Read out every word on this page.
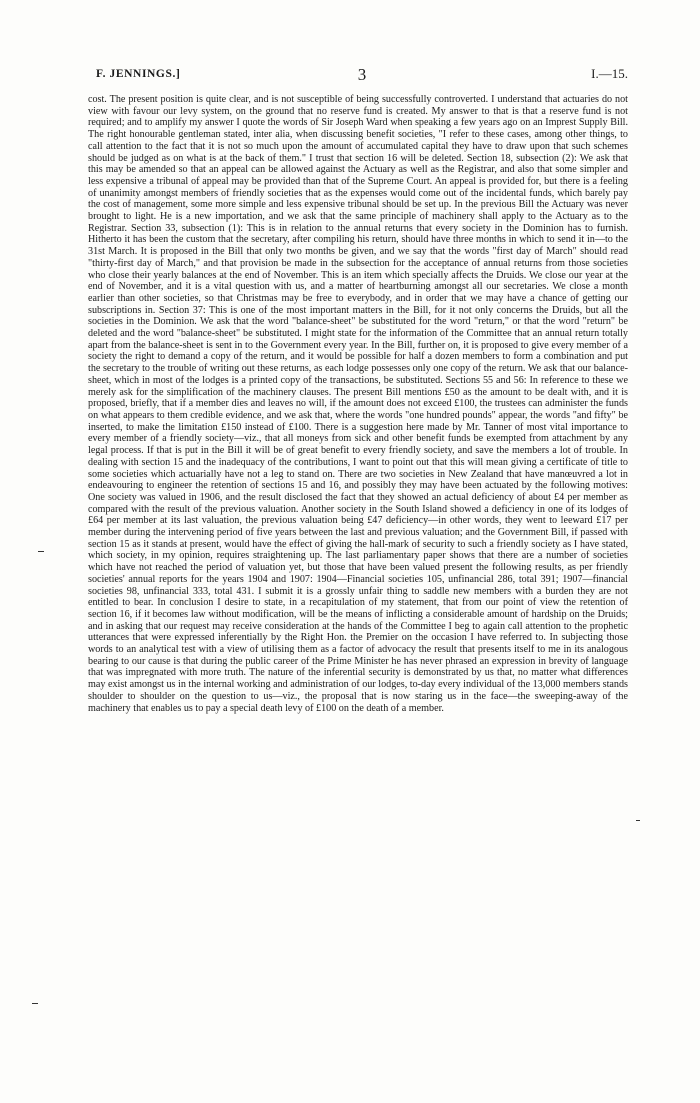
F. JENNINGS.]	3	I.—15.

cost. The present position is quite clear, and is not susceptible of being successfully controverted. I understand that actuaries do not view with favour our levy system, on the ground that no reserve fund is created. My answer to that is that a reserve fund is not required; and to amplify my answer I quote the words of Sir Joseph Ward when speaking a few years ago on an Imprest Supply Bill. The right honourable gentleman stated, inter alia, when discussing benefit societies, "I refer to these cases, among other things, to call attention to the fact that it is not so much upon the amount of accumulated capital they have to draw upon that such schemes should be judged as on what is at the back of them." I trust that section 16 will be deleted. Section 18, subsection (2): We ask that this may be amended so that an appeal can be allowed against the Actuary as well as the Registrar, and also that some simpler and less expensive a tribunal of appeal may be provided than that of the Supreme Court. An appeal is provided for, but there is a feeling of unanimity amongst members of friendly societies that as the expenses would come out of the incidental funds, which barely pay the cost of management, some more simple and less expensive tribunal should be set up. In the previous Bill the Actuary was never brought to light. He is a new importation, and we ask that the same principle of machinery shall apply to the Actuary as to the Registrar. Section 33, subsection (1): This is in relation to the annual returns that every society in the Dominion has to furnish. Hitherto it has been the custom that the secretary, after compiling his return, should have three months in which to send it in—to the 31st March. It is proposed in the Bill that only two months be given, and we say that the words "first day of March" should read "thirty-first day of March," and that provision be made in the subsection for the acceptance of annual returns from those societies who close their yearly balances at the end of November. This is an item which specially affects the Druids. We close our year at the end of November, and it is a vital question with us, and a matter of heartburning amongst all our secretaries. We close a month earlier than other societies, so that Christmas may be free to everybody, and in order that we may have a chance of getting our subscriptions in. Section 37: This is one of the most important matters in the Bill, for it not only concerns the Druids, but all the societies in the Dominion. We ask that the word "balance-sheet" be substituted for the word "return," or that the word "return" be deleted and the word "balance-sheet" be substituted. I might state for the information of the Committee that an annual return totally apart from the balance-sheet is sent in to the Government every year. In the Bill, further on, it is proposed to give every member of a society the right to demand a copy of the return, and it would be possible for half a dozen members to form a combination and put the secretary to the trouble of writing out these returns, as each lodge possesses only one copy of the return. We ask that our balance-sheet, which in most of the lodges is a printed copy of the transactions, be substituted. Sections 55 and 56: In reference to these we merely ask for the simplification of the machinery clauses. The present Bill mentions £50 as the amount to be dealt with, and it is proposed, briefly, that if a member dies and leaves no will, if the amount does not exceed £100, the trustees can administer the funds on what appears to them credible evidence, and we ask that, where the words "one hundred pounds" appear, the words "and fifty" be inserted, to make the limitation £150 instead of £100. There is a suggestion here made by Mr. Tanner of most vital importance to every member of a friendly society—viz., that all moneys from sick and other benefit funds be exempted from attachment by any legal process. If that is put in the Bill it will be of great benefit to every friendly society, and save the members a lot of trouble. In dealing with section 15 and the inadequacy of the contributions, I want to point out that this will mean giving a certificate of title to some societies which actuarially have not a leg to stand on. There are two societies in New Zealand that have manœuvred a lot in endeavouring to engineer the retention of sections 15 and 16, and possibly they may have been actuated by the following motives: One society was valued in 1906, and the result disclosed the fact that they showed an actual deficiency of about £4 per member as compared with the result of the previous valuation. Another society in the South Island showed a deficiency in one of its lodges of £64 per member at its last valuation, the previous valuation being £47 deficiency—in other words, they went to leeward £17 per member during the intervening period of five years between the last and previous valuation; and the Government Bill, if passed with section 15 as it stands at present, would have the effect of giving the hall-mark of security to such a friendly society as I have stated, which society, in my opinion, requires straightening up. The last parliamentary paper shows that there are a number of societies which have not reached the period of valuation yet, but those that have been valued present the following results, as per friendly societies' annual reports for the years 1904 and 1907: 1904—Financial societies 105, unfinancial 286, total 391; 1907—financial societies 98, unfinancial 333, total 431. I submit it is a grossly unfair thing to saddle new members with a burden they are not entitled to bear. In conclusion I desire to state, in a recapitulation of my statement, that from our point of view the retention of section 16, if it becomes law without modification, will be the means of inflicting a considerable amount of hardship on the Druids; and in asking that our request may receive consideration at the hands of the Committee I beg to again call attention to the prophetic utterances that were expressed inferentially by the Right Hon. the Premier on the occasion I have referred to. In subjecting those words to an analytical test with a view of utilising them as a factor of advocacy the result that presents itself to me in its analogous bearing to our cause is that during the public career of the Prime Minister he has never phrased an expression in brevity of language that was impregnated with more truth. The nature of the inferential security is demonstrated by us that, no matter what differences may exist amongst us in the internal working and administration of our lodges, to-day every individual of the 13,000 members stands shoulder to shoulder on the question to us—viz., the proposal that is now staring us in the face—the sweeping-away of the machinery that enables us to pay a special death levy of £100 on the death of a member.
